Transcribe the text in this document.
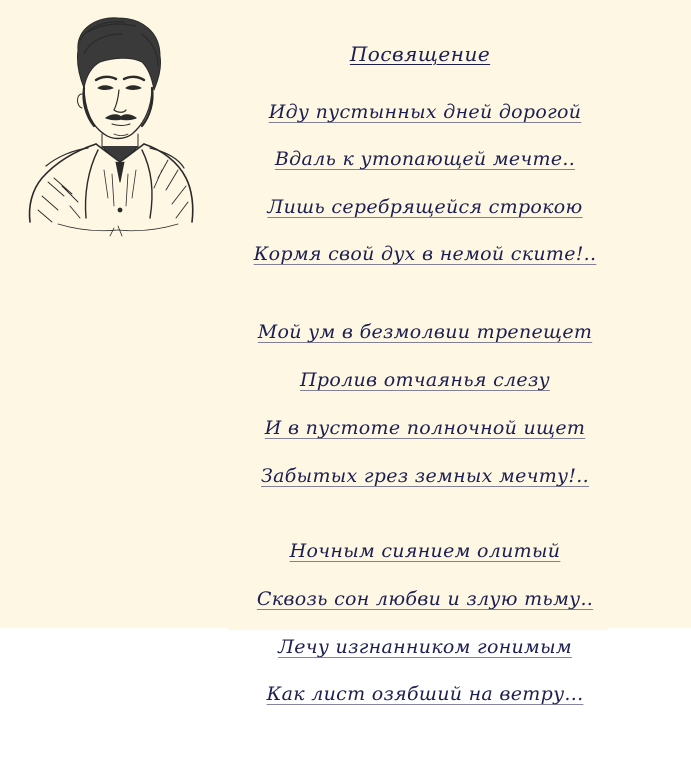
Посвящение
Иду пустынных дней дорогой
Вдаль к утопающей мечте..
Лишь серебрящейся строкою
Кормя свой дух в немой ските!..
Мой ум в безмолвии трепещет
Пролив отчаянья слезу
И в пустоте полночной ищет
Забытых грез земных мечту!..
Ночным сиянием олитый
Сквозь сон любви и злую тьму..
Лечу изгнанником гонимым
Как лист озябший на ветру...
